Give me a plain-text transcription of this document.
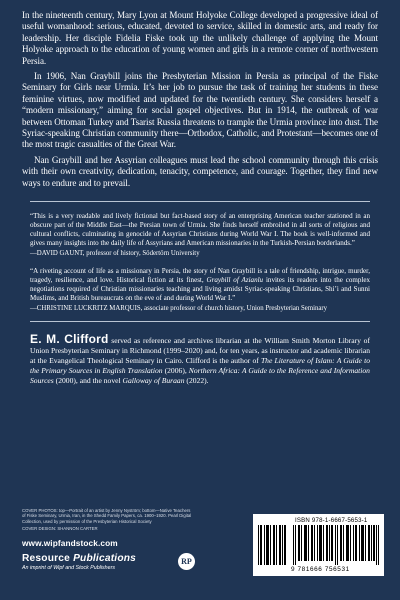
In the nineteenth century, Mary Lyon at Mount Holyoke College developed a progressive ideal of useful womanhood: serious, educated, devoted to service, skilled in domestic arts, and ready for leadership. Her disciple Fidelia Fiske took up the unlikely challenge of applying the Mount Holyoke approach to the education of young women and girls in a remote corner of northwestern Persia.

In 1906, Nan Graybill joins the Presbyterian Mission in Persia as principal of the Fiske Seminary for Girls near Urmia. It’s her job to pursue the task of training her students in these feminine virtues, now modified and updated for the twentieth century. She considers herself a “modern missionary,” aiming for social gospel objectives. But in 1914, the outbreak of war between Ottoman Turkey and Tsarist Russia threatens to trample the Urmia province into dust. The Syriac-speaking Christian community there—Orthodox, Catholic, and Protestant—becomes one of the most tragic casualties of the Great War.

Nan Graybill and her Assyrian colleagues must lead the school community through this crisis with their own creativity, dedication, tenacity, competence, and courage. Together, they find new ways to endure and to prevail.

“This is a very readable and lively fictional but fact-based story of an enterprising American teacher stationed in an obscure part of the Middle East—the Persian town of Urmia. She finds herself embroiled in all sorts of religious and cultural conflicts, culminating in genocide of Assyrian Christians during World War I. The book is well-informed and gives many insights into the daily life of Assyrians and American missionaries in the Turkish-Persian borderlands.”

—DAVID GAUNT, professor of history, Södertörn University

“A riveting account of life as a missionary in Persia, the story of Nan Graybill is a tale of friendship, intrigue, murder, tragedy, resilience, and love. Historical fiction at its finest, Graybill of Azianlu invites its readers into the complex negotiations required of Christian missionaries teaching and living amidst Syriac-speaking Christians, Shi’i and Sunni Muslims, and British bureaucrats on the eve of and during World War I.”

—CHRISTINE LUCKRITZ MARQUIS, associate professor of church history, Union Presbyterian Seminary

E. M. Clifford served as reference and archives librarian at the William Smith Morton Library of Union Presbyterian Seminary in Richmond (1999–2020) and, for ten years, as instructor and academic librarian at the Evangelical Theological Seminary in Cairo. Clifford is the author of The Literature of Islam: A Guide to the Primary Sources in English Translation (2006), Northern Africa: A Guide to the Reference and Information Sources (2000), and the novel Galloway of Buraan (2022).

COVER PHOTOS: top—Portrait of an artist by Jenny Nyström; bottom—Native Teachers of Fiske Seminary, Urmia, Iran, in the Shedd Family Papers, ca. 1900–1920. Pearl Digital Collection, used by permission of the Presbyterian Historical Society
COVER DESIGN: SHANNON CARTER
www.wipfandstock.com
Resource Publications
An imprint of Wipf and Stock Publishers
RP
ISBN 978-1-6667-5653-1
9 781666 756531
